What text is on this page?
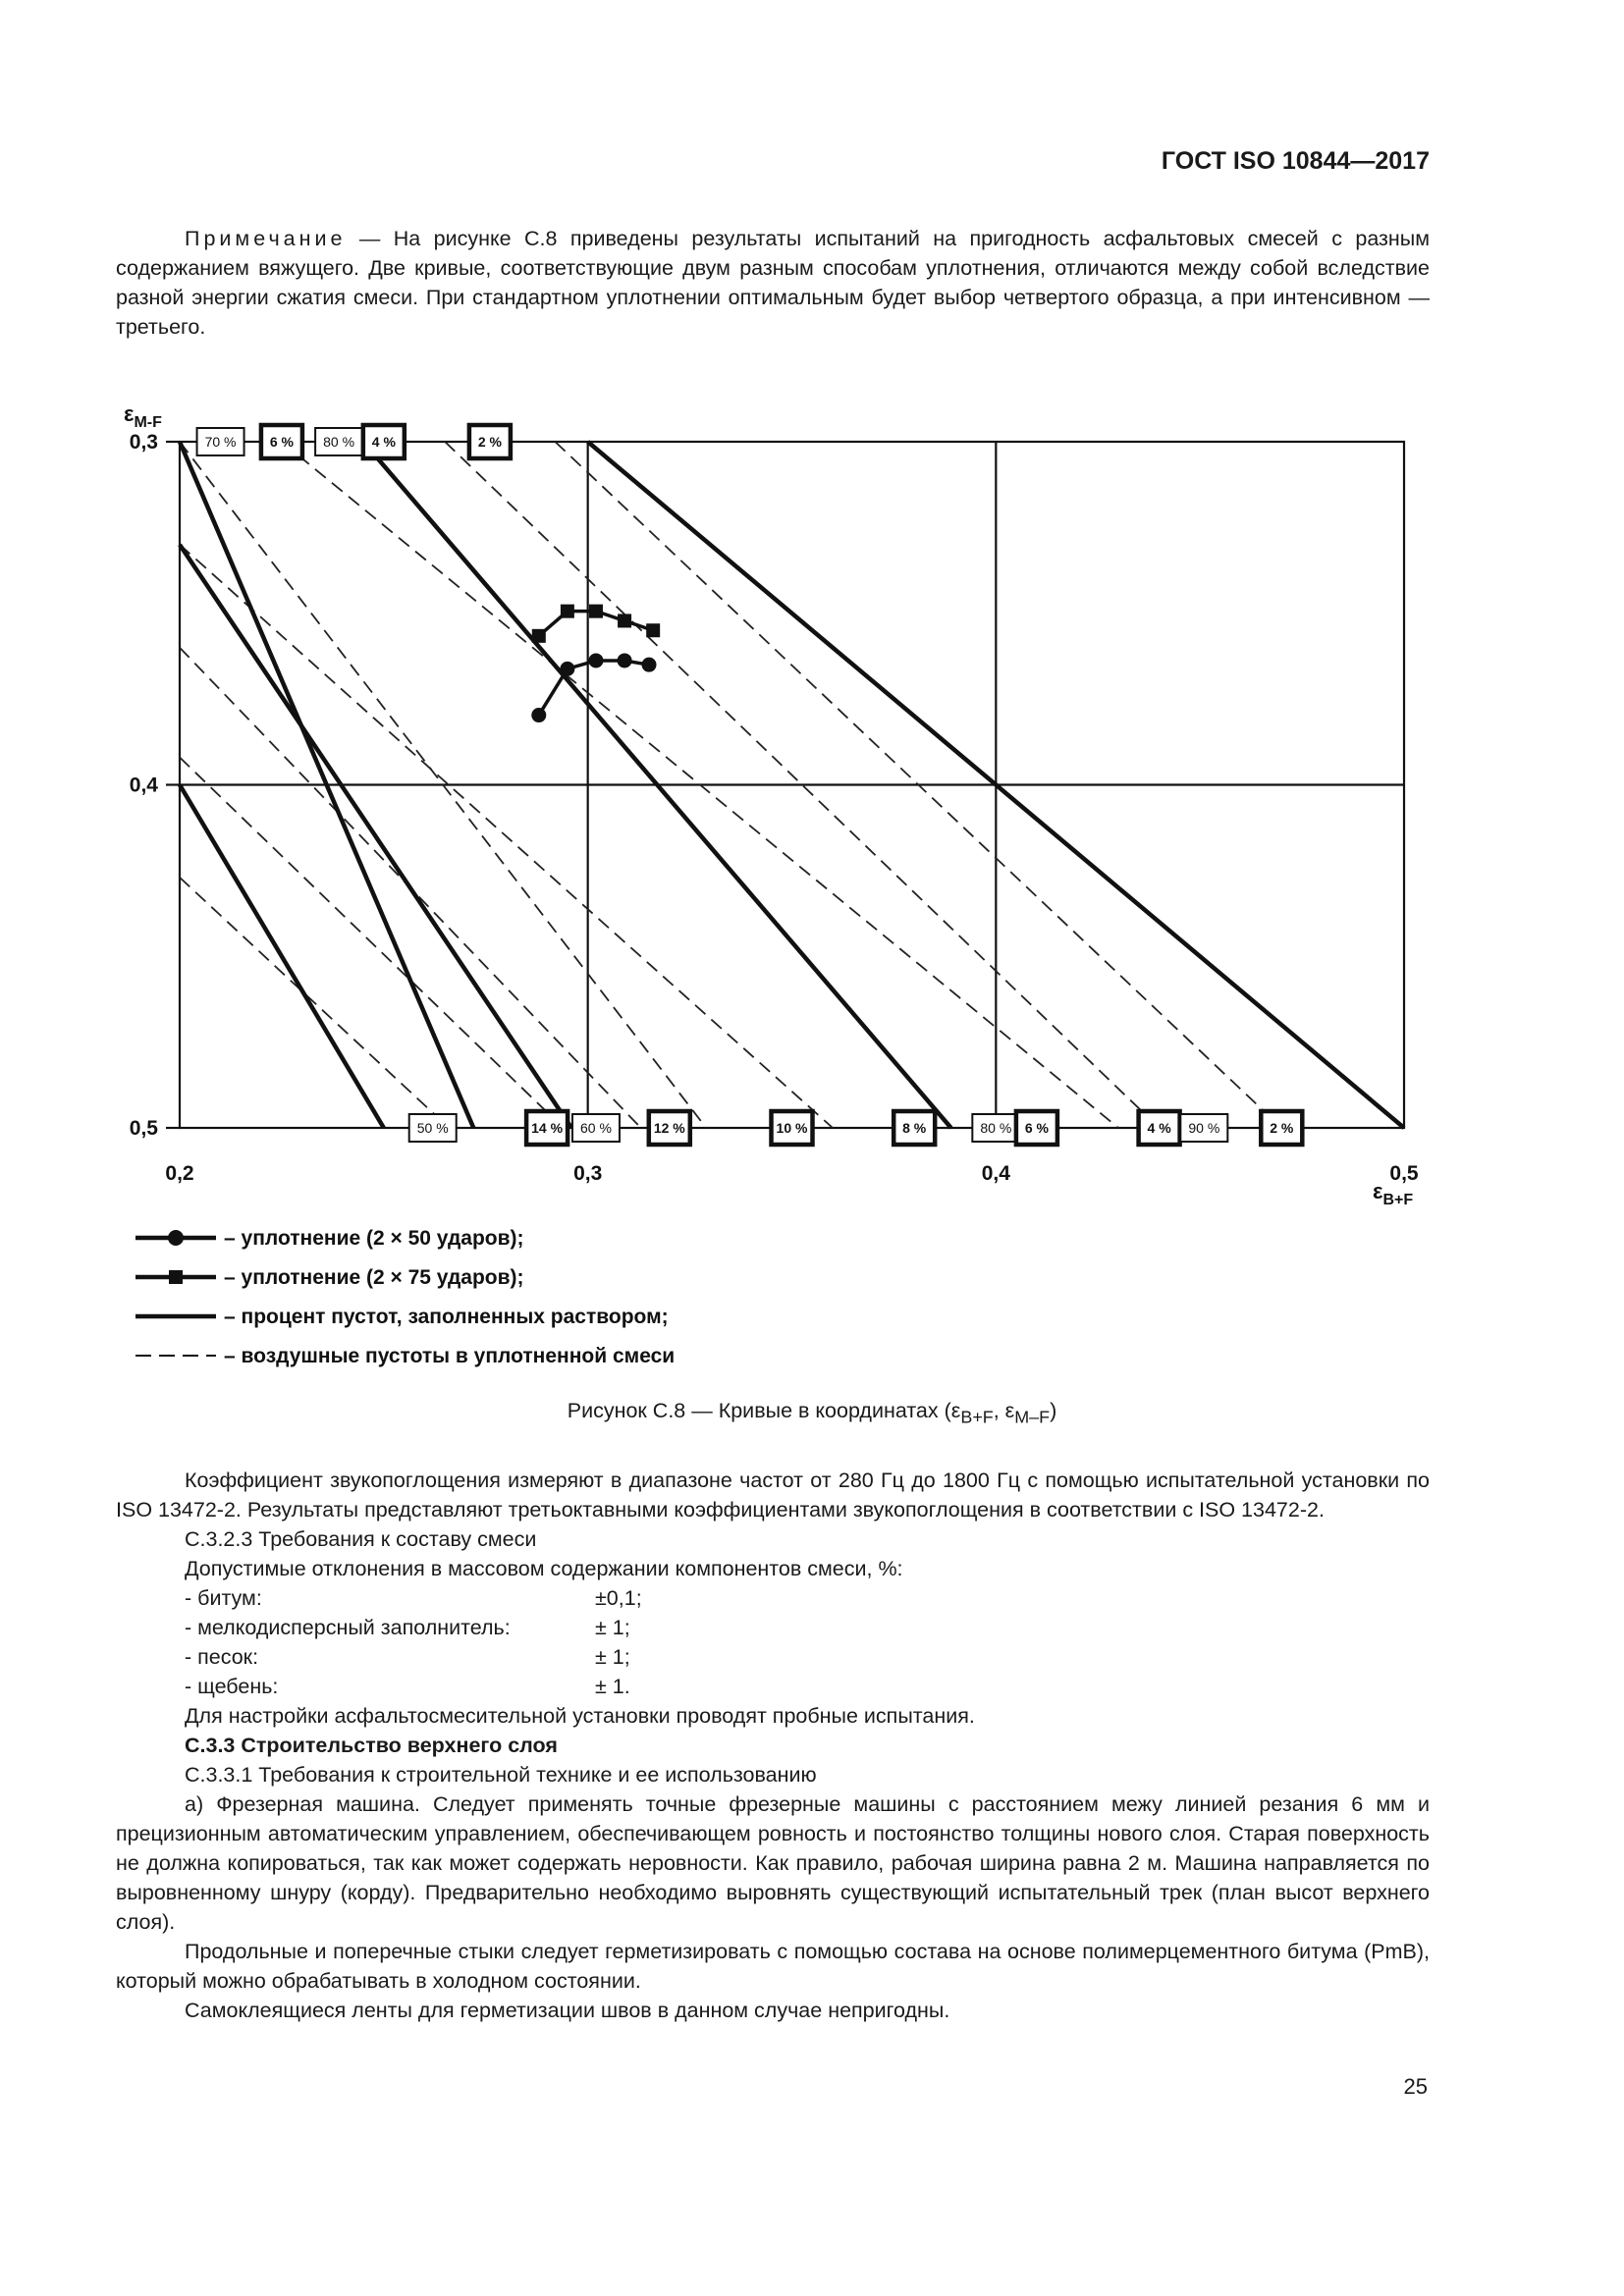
ГОСТ ISO 10844—2017

Примечание — На рисунке С.8 приведены результаты испытаний на пригодность асфальтовых смесей с разным содержанием вяжущего. Две кривые, соответствующие двум разным способам уплотнения, отличаются между собой вследствие разной энергии сжатия смеси. При стандартном уплотнении оптимальным будет выбор четвертого образца, а при интенсивном — третьего.

70 % 6 % 80 % 4 %	2 %
50 %	14 % 60 %	12 %	10 %	8 %	80 % 6 %	4 % 90 %	2 %
0,2	0,3	0,4	0,5
0,3
0,4
0,5
$\varepsilon_{M-F}$
$\varepsilon_{B+F}$
– уплотнение (2 × 50 ударов);
– уплотнение (2 × 75 ударов);
– процент пустот, заполненных раствором;
– воздушные пустоты в уплотненной смеси
Рисунок С.8 — Кривые в координатах ($\varepsilon_{B+F}$, $\varepsilon_{M-F}$)

Коэффициент звукопоглощения измеряют в диапазоне частот от 280 Гц до 1800 Гц с помощью испытательной установки по ISO 13472-2. Результаты представляют третьоктавными коэффициентами звукопоглощения в соответствии с ISO 13472-2.

С.3.2.3 Требования к составу смеси

Допустимые отклонения в массовом содержании компонентов смеси, %:

- битум:	±0,1;

- мелкодисперсный заполнитель:	± 1;

- песок:	± 1;

- щебень:	± 1.

Для настройки асфальтосмесительной установки проводят пробные испытания.

С.3.3 Строительство верхнего слоя

С.3.3.1 Требования к строительной технике и ее использованию

а) Фрезерная машина. Следует применять точные фрезерные машины с расстоянием межу линией резания 6 мм и прецизионным автоматическим управлением, обеспечивающем ровность и постоянство толщины нового слоя. Старая поверхность не должна копироваться, так как может содержать неровности. Как правило, рабочая ширина равна 2 м. Машина направляется по выровненному шнуру (корду). Предварительно необходимо выровнять существующий испытательный трек (план высот верхнего слоя).

Продольные и поперечные стыки следует герметизировать с помощью состава на основе полимерцементного битума (PmB), который можно обрабатывать в холодном состоянии.

Самоклеящиеся ленты для герметизации швов в данном случае непригодны.

25
